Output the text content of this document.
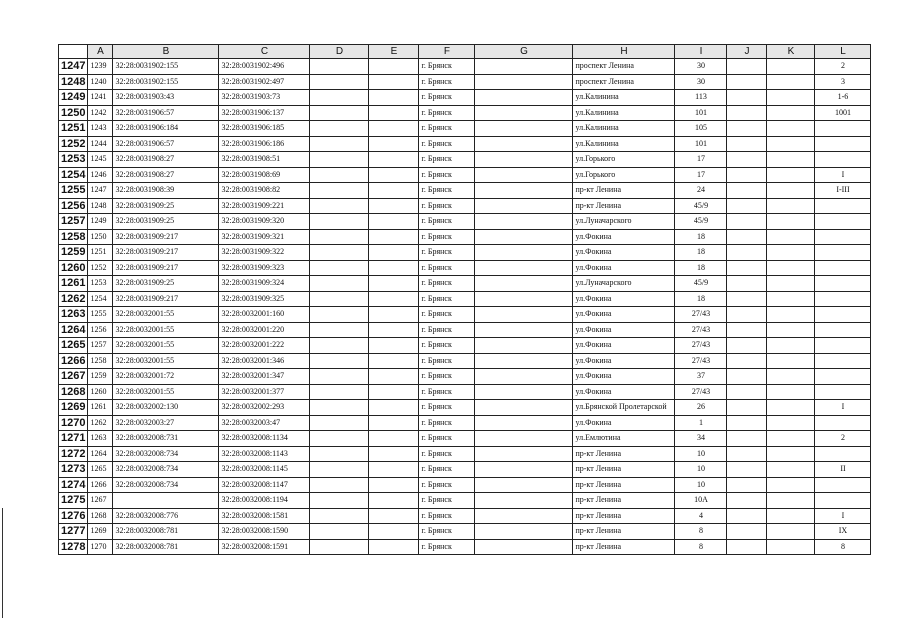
	A	B	C	D	E	F	G	H	I	J	K	L
1247	1239	32:28:0031902:155	32:28:0031902:496			г. Брянск		проспект Ленина	30			2
1248	1240	32:28:0031902:155	32:28:0031902:497			г. Брянск		проспект Ленина	30			3
1249	1241	32:28:0031903:43	32:28:0031903:73			г. Брянск		ул.Калинина	113			1-6
1250	1242	32:28:0031906:57	32:28:0031906:137			г. Брянск		ул.Калинина	101			1001
1251	1243	32:28:0031906:184	32:28:0031906:185			г. Брянск		ул.Калинина	105			
1252	1244	32:28:0031906:57	32:28:0031906:186			г. Брянск		ул.Калинина	101			
1253	1245	32:28:0031908:27	32:28:0031908:51			г. Брянск		ул.Горького	17			
1254	1246	32:28:0031908:27	32:28:0031908:69			г. Брянск		ул.Горького	17			I
1255	1247	32:28:0031908:39	32:28:0031908:82			г. Брянск		пр-кт Ленина	24			I-III
1256	1248	32:28:0031909:25	32:28:0031909:221			г. Брянск		пр-кт Ленина	45/9			
1257	1249	32:28:0031909:25	32:28:0031909:320			г. Брянск		ул.Луначарского	45/9			
1258	1250	32:28:0031909:217	32:28:0031909:321			г. Брянск		ул.Фокина	18			
1259	1251	32:28:0031909:217	32:28:0031909:322			г. Брянск		ул.Фокина	18			
1260	1252	32:28:0031909:217	32:28:0031909:323			г. Брянск		ул.Фокина	18			
1261	1253	32:28:0031909:25	32:28:0031909:324			г. Брянск		ул.Луначарского	45/9			
1262	1254	32:28:0031909:217	32:28:0031909:325			г. Брянск		ул.Фокина	18			
1263	1255	32:28:0032001:55	32:28:0032001:160			г. Брянск		ул.Фокина	27/43			
1264	1256	32:28:0032001:55	32:28:0032001:220			г. Брянск		ул.Фокина	27/43			
1265	1257	32:28:0032001:55	32:28:0032001:222			г. Брянск		ул.Фокина	27/43			
1266	1258	32:28:0032001:55	32:28:0032001:346			г. Брянск		ул.Фокина	27/43			
1267	1259	32:28:0032001:72	32:28:0032001:347			г. Брянск		ул.Фокина	37			
1268	1260	32:28:0032001:55	32:28:0032001:377			г. Брянск		ул.Фокина	27/43			
1269	1261	32:28:0032002:130	32:28:0032002:293			г. Брянск		ул.Брянской Пролетарской	26			I
1270	1262	32:28:0032003:27	32:28:0032003:47			г. Брянск		ул.Фокина	1			
1271	1263	32:28:0032008:731	32:28:0032008:1134			г. Брянск		ул.Емлютина	34			2
1272	1264	32:28:0032008:734	32:28:0032008:1143			г. Брянск		пр-кт Ленина	10			
1273	1265	32:28:0032008:734	32:28:0032008:1145			г. Брянск		пр-кт Ленина	10			II
1274	1266	32:28:0032008:734	32:28:0032008:1147			г. Брянск		пр-кт Ленина	10			
1275	1267		32:28:0032008:1194			г. Брянск		пр-кт Ленина	10А			
1276	1268	32:28:0032008:776	32:28:0032008:1581			г. Брянск		пр-кт Ленина	4			I
1277	1269	32:28:0032008:781	32:28:0032008:1590			г. Брянск		пр-кт Ленина	8			IX
1278	1270	32:28:0032008:781	32:28:0032008:1591			г. Брянск		пр-кт Ленина	8			8
